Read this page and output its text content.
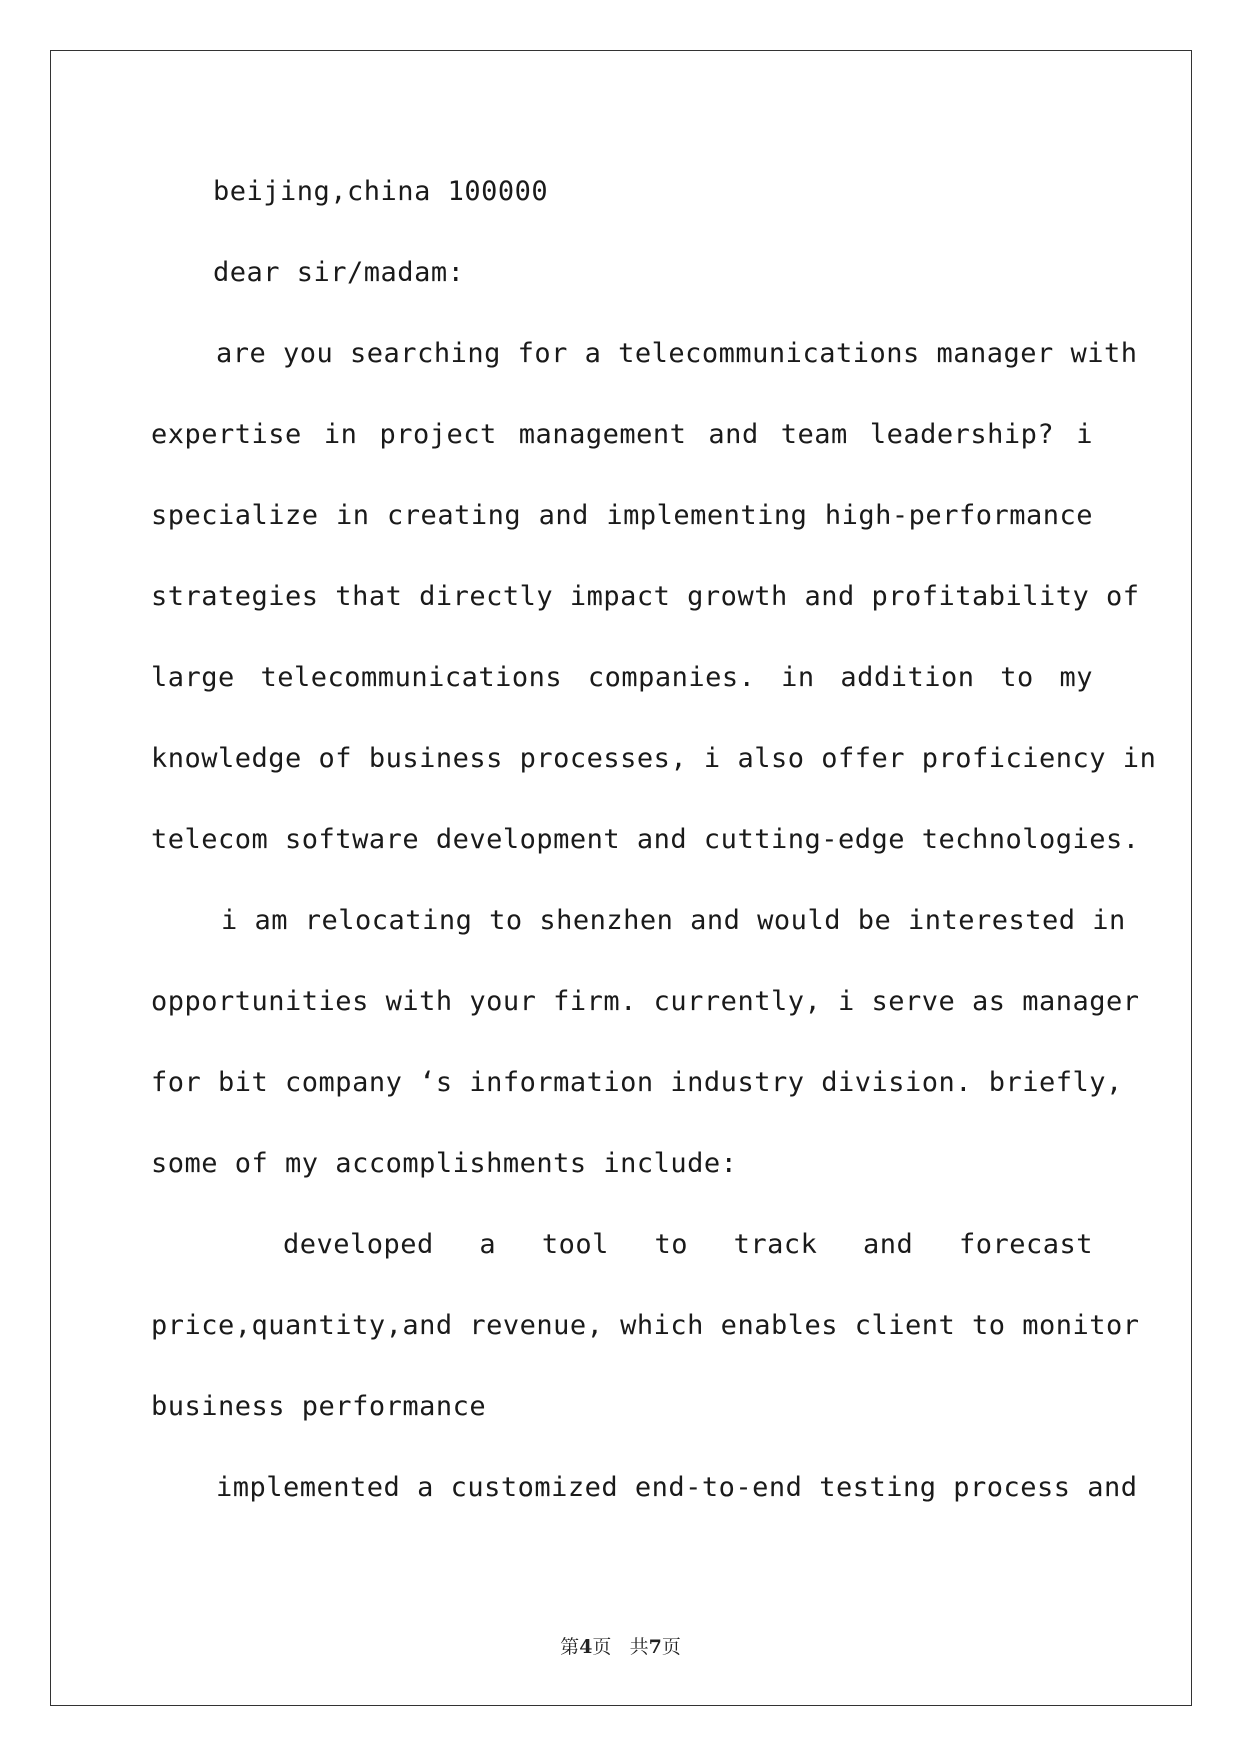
beijing,china 100000
dear sir/madam:
are you searching for a telecommunications manager with
expertise in project management and team leadership? i
specialize in creating and implementing high-performance
strategies that directly impact growth and profitability of
large telecommunications companies. in addition to my
knowledge of business processes, i also offer proficiency in
telecom software development and cutting-edge technologies.
i am relocating to shenzhen and would be interested in
opportunities with your firm. currently, i serve as manager
for bit company ‘s information industry division. briefly,
some of my accomplishments include:
developed a tool to track and forecast
price,quantity,and revenue, which enables client to monitor
business performance
implemented a customized end-to-end testing process and
第4页 共7页
